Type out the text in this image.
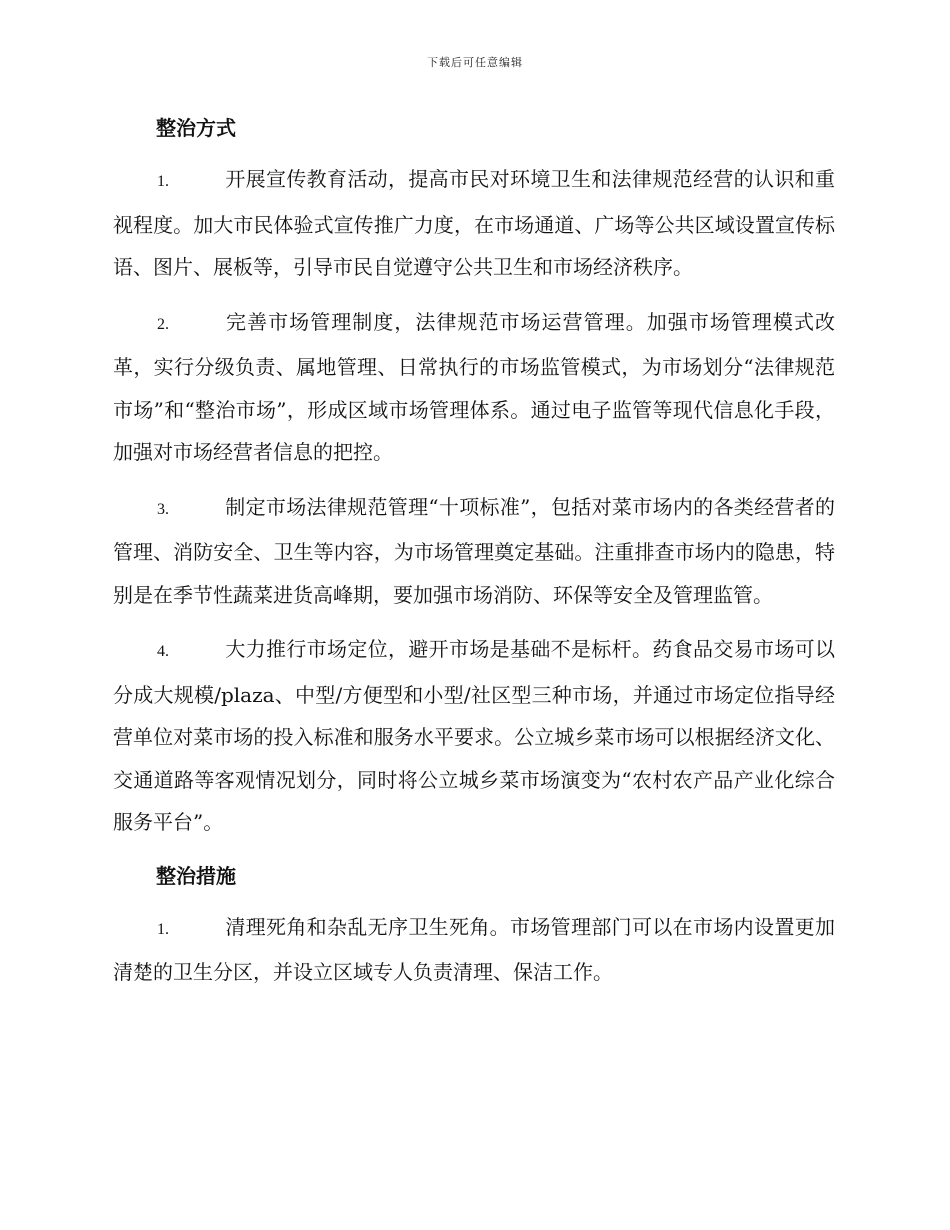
下载后可任意编辑
整治方式

1.	开展宣传教育活动，提高市民对环境卫生和法律规范经营的认识和重视程度。加大市民体验式宣传推广力度，在市场通道、广场等公共区域设置宣传标语、图片、展板等，引导市民自觉遵守公共卫生和市场经济秩序。

2.	完善市场管理制度，法律规范市场运营管理。加强市场管理模式改革，实行分级负责、属地管理、日常执行的市场监管模式，为市场划分“法律规范市场”和“整治市场”，形成区域市场管理体系。通过电子监管等现代信息化手段，加强对市场经营者信息的把控。

3.	制定市场法律规范管理“十项标准”，包括对菜市场内的各类经营者的管理、消防安全、卫生等内容，为市场管理奠定基础。注重排查市场内的隐患，特别是在季节性蔬菜进货高峰期，要加强市场消防、环保等安全及管理监管。

4.	大力推行市场定位，避开市场是基础不是标杆。药食品交易市场可以分成大规模/plaza、中型/方便型和小型/社区型三种市场，并通过市场定位指导经营单位对菜市场的投入标准和服务水平要求。公立城乡菜市场可以根据经济文化、交通道路等客观情况划分，同时将公立城乡菜市场演变为“农村农产品产业化综合服务平台”。

整治措施

1.	清理死角和杂乱无序卫生死角。市场管理部门可以在市场内设置更加清楚的卫生分区，并设立区域专人负责清理、保洁工作。
